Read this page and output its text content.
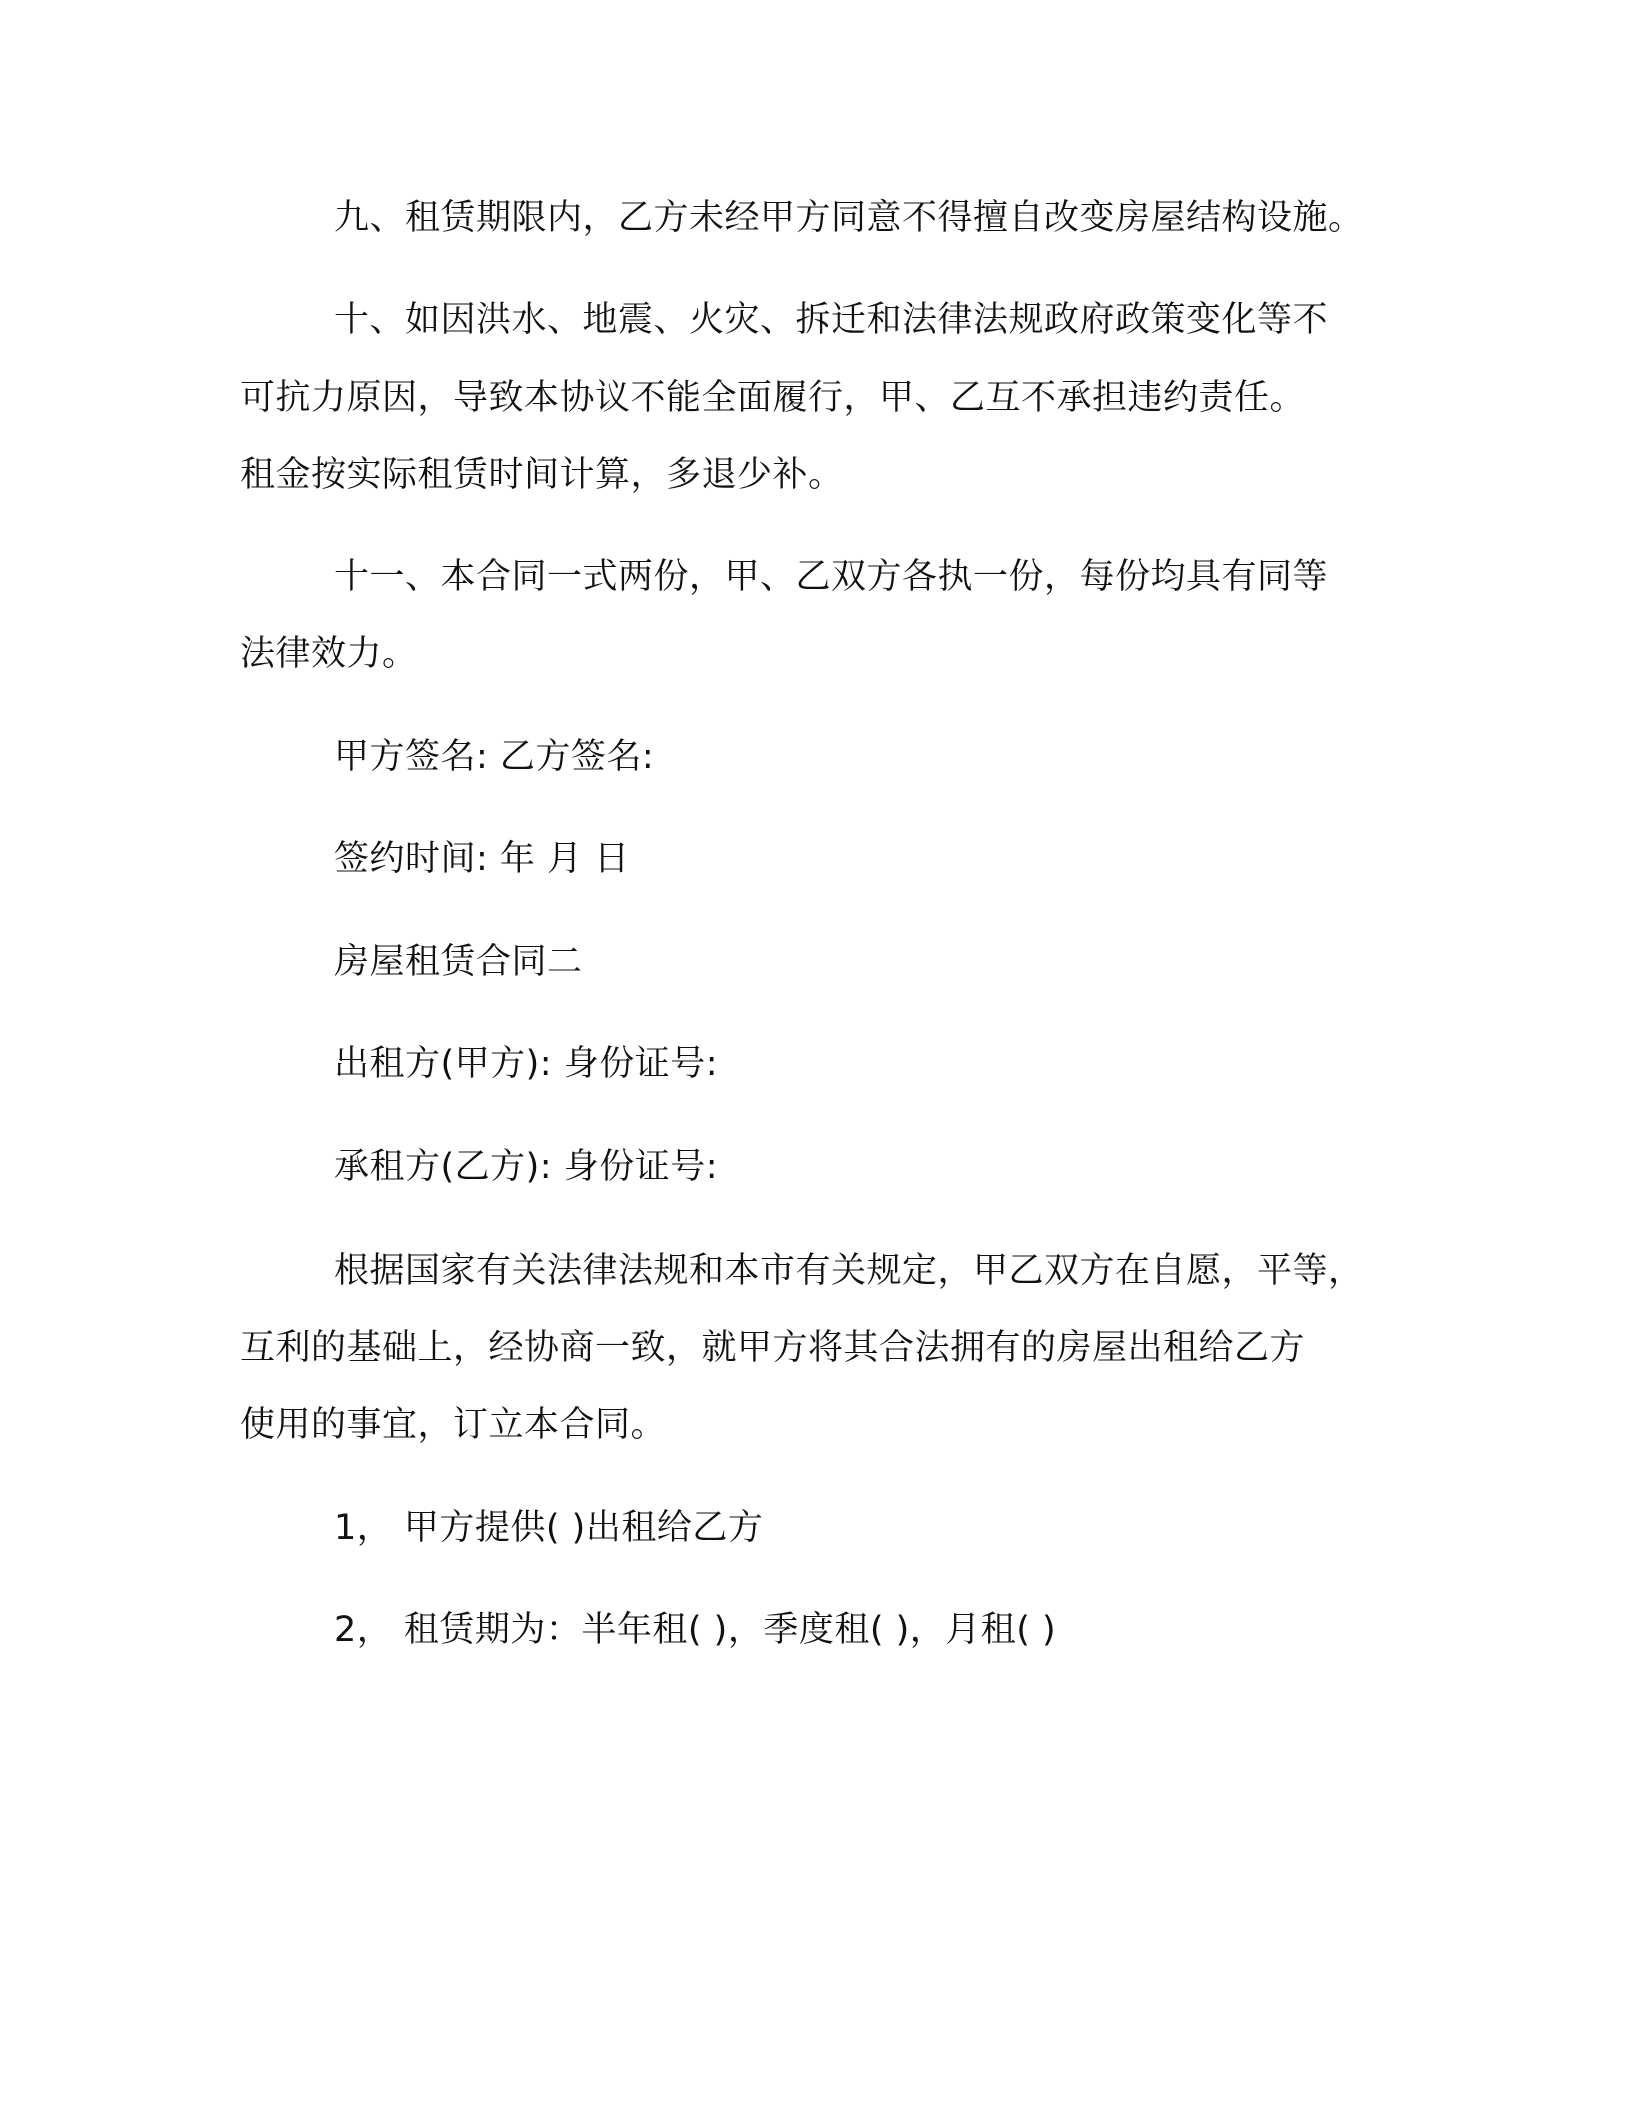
九、租赁期限内，乙方未经甲方同意不得擅自改变房屋结构设施。
十、如因洪水、地震、火灾、拆迁和法律法规政府政策变化等不
可抗力原因，导致本协议不能全面履行，甲、乙互不承担违约责任。
租金按实际租赁时间计算，多退少补。
十一、本合同一式两份，甲、乙双方各执一份，每份均具有同等
法律效力。
甲方签名: 乙方签名:
签约时间: 年 月 日
房屋租赁合同二
出租方(甲方): 身份证号:
承租方(乙方): 身份证号:
根据国家有关法律法规和本市有关规定，甲乙双方在自愿，平等，
互利的基础上，经协商一致，就甲方将其合法拥有的房屋出租给乙方
使用的事宜，订立本合同。
1， 甲方提供( )出租给乙方
2， 租赁期为：半年租( )，季度租( )，月租( )
